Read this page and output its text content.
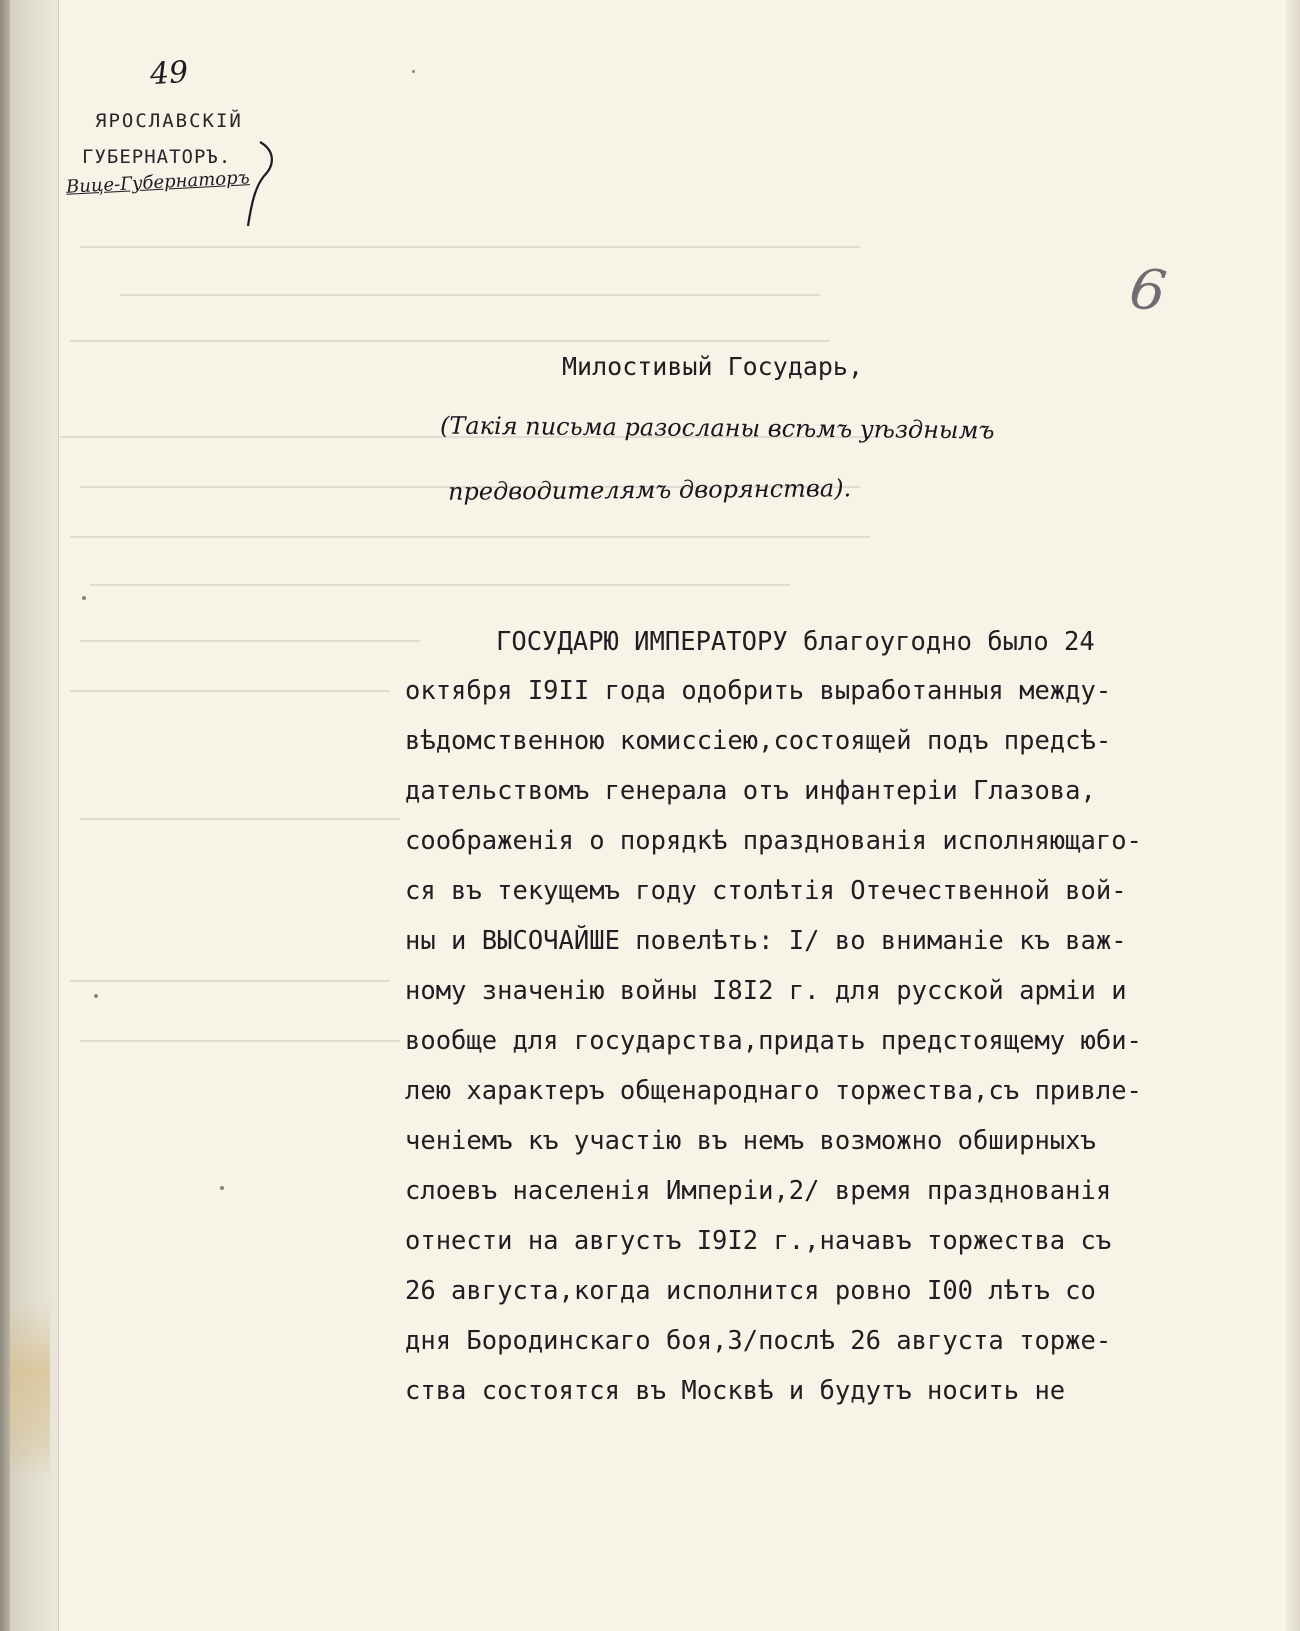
49
ЯРОСЛАВСКІЙ
ГУБЕРНАТОРЪ.
Вице-Губернаторъ
6
Милостивый Государь,
(Такія письма разосланы всѣмъ уѣзднымъ
предводителямъ дворянства).
ГОСУДАРЮ ИМПЕРАТОРУ благоугодно было 24
октября І9ІІ года одобрить выработанныя между-
вѣдомственною комиссіею,состоящей подъ предсѣ-
дательствомъ генерала отъ инфантеріи Глазова,
соображенія о порядкѣ празднованія исполняющаго-
ся въ текущемъ году столѣтія Отечественной вой-
ны и ВЫСОЧАЙШЕ повелѣть: І/ во вниманіе къ важ-
ному значенію войны І8І2 г. для русской арміи и
вообще для государства,придать предстоящему юби-
лею характеръ общенароднаго торжества,съ привле-
ченіемъ къ участію въ немъ возможно обширныхъ
слоевъ населенія Имперіи,2/ время празднованія
отнести на августъ І9І2 г.,начавъ торжества съ
26 августа,когда исполнится ровно І00 лѣтъ со
дня Бородинскаго боя,3/послѣ 26 августа торже-
ства состоятся въ Москвѣ и будутъ носить не
